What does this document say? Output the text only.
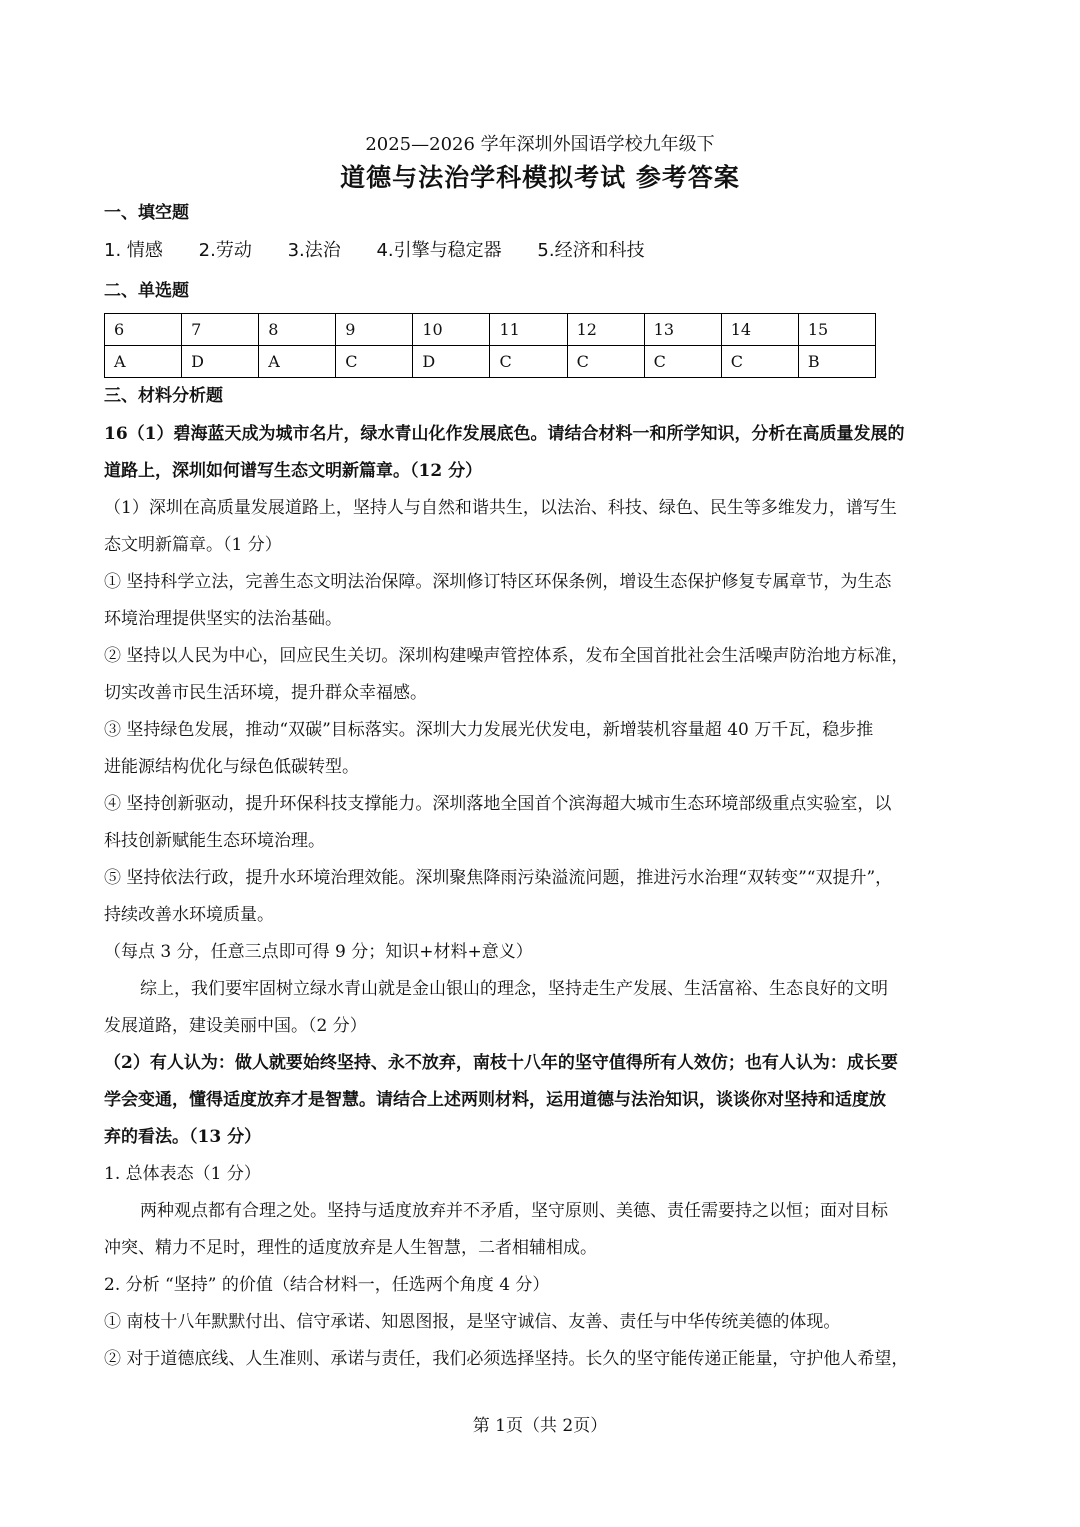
2025—2026 学年深圳外国语学校九年级下
道德与法治学科模拟考试 参考答案
一、填空题
1. 情感 2.劳动 3.法治 4.引擎与稳定器 5.经济和科技
二、单选题
6	7	8	9	10	11	12	13	14	15
A	D	A	C	D	C	C	C	C	B
三、材料分析题
16（1）碧海蓝天成为城市名片，绿水青山化作发展底色。请结合材料一和所学知识，分析在高质量发展的
道路上，深圳如何谱写生态文明新篇章。（12 分）
（1）深圳在高质量发展道路上，坚持人与自然和谐共生，以法治、科技、绿色、民生等多维发力，谱写生
态文明新篇章。（1 分）
① 坚持科学立法，完善生态文明法治保障。深圳修订特区环保条例，增设生态保护修复专属章节，为生态
环境治理提供坚实的法治基础。
② 坚持以人民为中心，回应民生关切。深圳构建噪声管控体系，发布全国首批社会生活噪声防治地方标准，
切实改善市民生活环境，提升群众幸福感。
③ 坚持绿色发展，推动“双碳”目标落实。深圳大力发展光伏发电，新增装机容量超 40 万千瓦，稳步推
进能源结构优化与绿色低碳转型。
④ 坚持创新驱动，提升环保科技支撑能力。深圳落地全国首个滨海超大城市生态环境部级重点实验室，以
科技创新赋能生态环境治理。
⑤ 坚持依法行政，提升水环境治理效能。深圳聚焦降雨污染溢流问题，推进污水治理“双转变”“双提升”，
持续改善水环境质量。
（每点 3 分，任意三点即可得 9 分；知识+材料+意义）
综上，我们要牢固树立绿水青山就是金山银山的理念，坚持走生产发展、生活富裕、生态良好的文明
发展道路，建设美丽中国。（2 分）
（2）有人认为：做人就要始终坚持、永不放弃，南枝十八年的坚守值得所有人效仿；也有人认为：成长要
学会变通，懂得适度放弃才是智慧。请结合上述两则材料，运用道德与法治知识，谈谈你对坚持和适度放
弃的看法。（13 分）
1. 总体表态（1 分）
两种观点都有合理之处。坚持与适度放弃并不矛盾，坚守原则、美德、责任需要持之以恒；面对目标
冲突、精力不足时，理性的适度放弃是人生智慧，二者相辅相成。
2. 分析 “坚持” 的价值（结合材料一，任选两个角度 4 分）
① 南枝十八年默默付出、信守承诺、知恩图报，是坚守诚信、友善、责任与中华传统美德的体现。
② 对于道德底线、人生准则、承诺与责任，我们必须选择坚持。长久的坚守能传递正能量，守护他人希望，
第 1页（共 2页）
